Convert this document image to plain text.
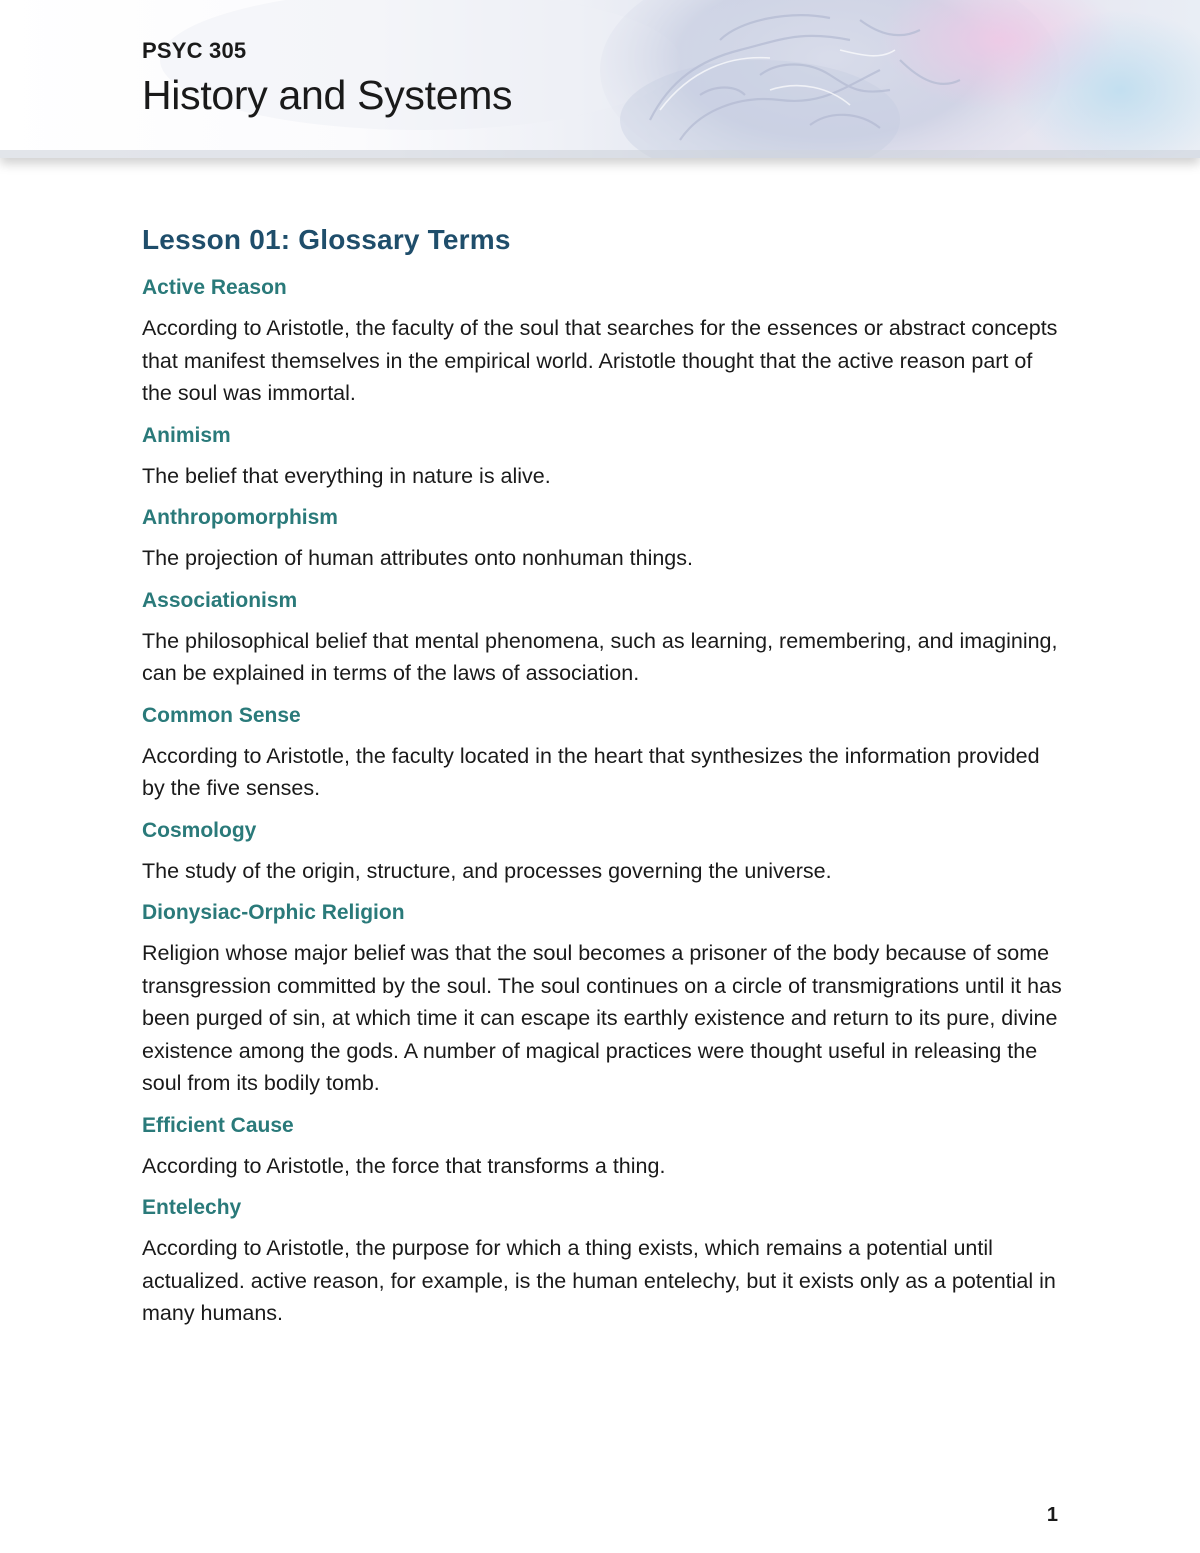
PSYC 305
History and Systems
Lesson 01: Glossary Terms
Active Reason

According to Aristotle, the faculty of the soul that searches for the essences or abstract concepts that manifest themselves in the empirical world. Aristotle thought that the active reason part of the soul was immortal.

Animism

The belief that everything in nature is alive.

Anthropomorphism

The projection of human attributes onto nonhuman things.

Associationism

The philosophical belief that mental phenomena, such as learning, remembering, and imagining, can be explained in terms of the laws of association.

Common Sense

According to Aristotle, the faculty located in the heart that synthesizes the information provided by the five senses.

Cosmology

The study of the origin, structure, and processes governing the universe.

Dionysiac-Orphic Religion

Religion whose major belief was that the soul becomes a prisoner of the body because of some transgression committed by the soul. The soul continues on a circle of transmigrations until it has been purged of sin, at which time it can escape its earthly existence and return to its pure, divine existence among the gods. A number of magical practices were thought useful in releasing the soul from its bodily tomb.

Efficient Cause

According to Aristotle, the force that transforms a thing.

Entelechy

According to Aristotle, the purpose for which a thing exists, which remains a potential until actualized. active reason, for example, is the human entelechy, but it exists only as a potential in many humans.

1
